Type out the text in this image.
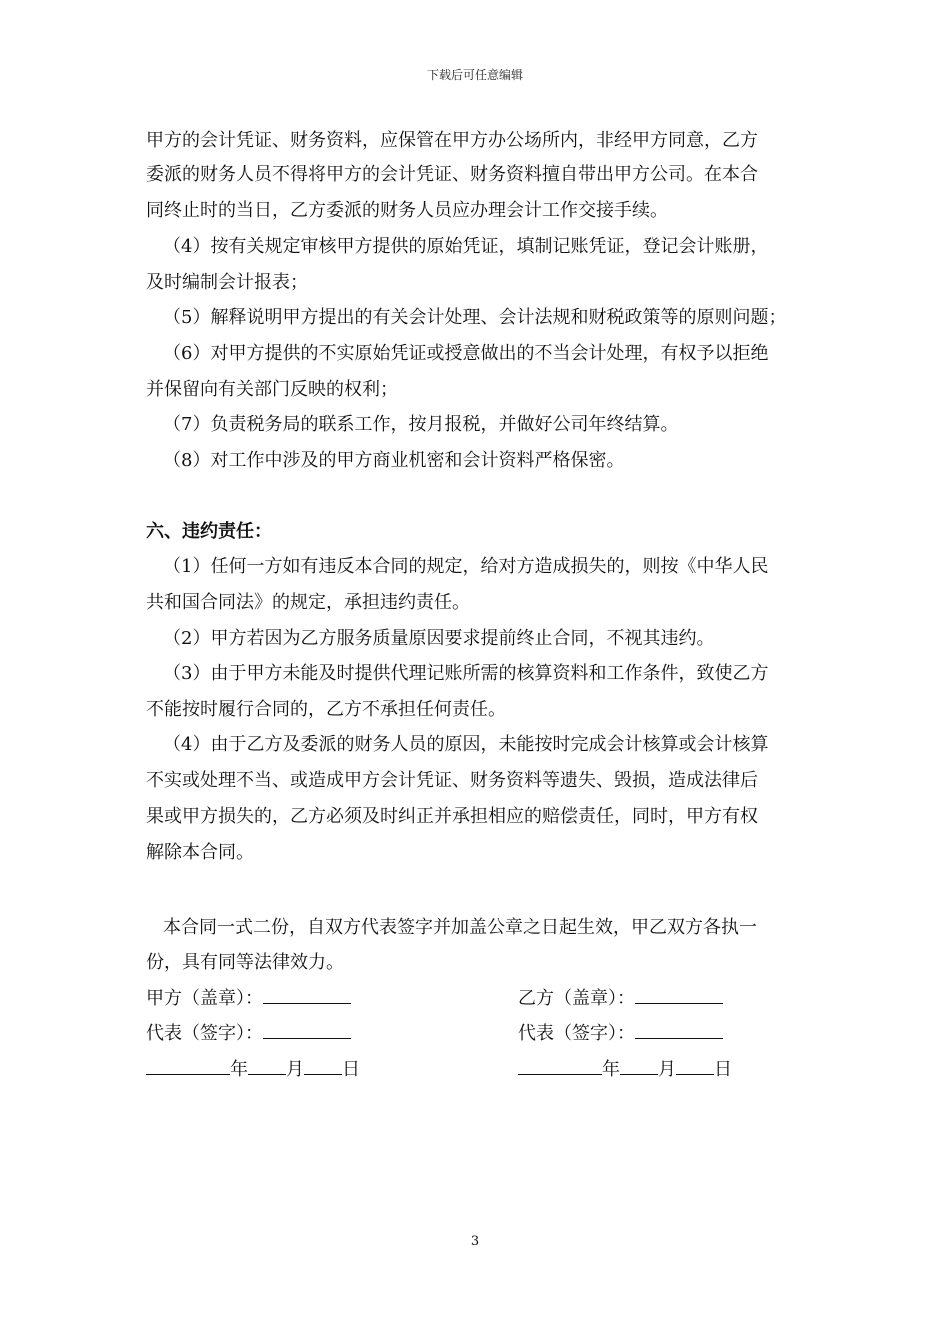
下载后可任意编辑
甲方的会计凭证、财务资料，应保管在甲方办公场所内，非经甲方同意，乙方
委派的财务人员不得将甲方的会计凭证、财务资料擅自带出甲方公司。在本合
同终止时的当日，乙方委派的财务人员应办理会计工作交接手续。
（4）按有关规定审核甲方提供的原始凭证，填制记账凭证，登记会计账册，
及时编制会计报表；
（5）解释说明甲方提出的有关会计处理、会计法规和财税政策等的原则问题；
（6）对甲方提供的不实原始凭证或授意做出的不当会计处理，有权予以拒绝
并保留向有关部门反映的权利；
（7）负责税务局的联系工作，按月报税，并做好公司年终结算。
（8）对工作中涉及的甲方商业机密和会计资料严格保密。
六、违约责任：
（1）任何一方如有违反本合同的规定，给对方造成损失的，则按《中华人民
共和国合同法》的规定，承担违约责任。
（2）甲方若因为乙方服务质量原因要求提前终止合同，不视其违约。
（3）由于甲方未能及时提供代理记账所需的核算资料和工作条件，致使乙方
不能按时履行合同的，乙方不承担任何责任。
（4）由于乙方及委派的财务人员的原因，未能按时完成会计核算或会计核算
不实或处理不当、或造成甲方会计凭证、财务资料等遗失、毁损，造成法律后
果或甲方损失的，乙方必须及时纠正并承担相应的赔偿责任，同时，甲方有权
解除本合同。
本合同一式二份，自双方代表签字并加盖公章之日起生效，甲乙双方各执一
份，具有同等法律效力。
甲方（盖章）：
代表（签字）：
年 月 日
乙方（盖章）：
代表（签字）：
年 月 日
3
